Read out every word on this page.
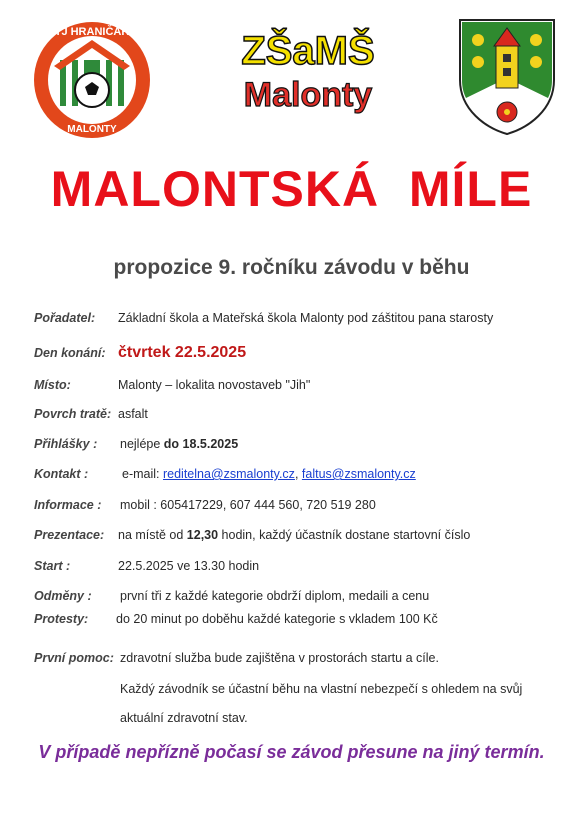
TJ HRANIČAR
MALONTY
ZŠaMŠ
Malonty
MALONTSKÁ  MÍLE
propozice 9. ročníku závodu v běhu
Pořadatel: Základní škola a Mateřská škola Malonty pod záštitou pana starosty
Den konání: čtvrtek 22.5.2025
Místo:	Malonty – lokalita novostaveb "Jih"
Povrch tratě: asfalt
Přihlášky : nejlépe do 18.5.2025
Kontakt :	e-mail: reditelna@zsmalonty.cz, faltus@zsmalonty.cz
Informace : mobil : 605417229, 607 444 560, 720 519 280
Prezentace: na místě od 12,30 hodin, každý účastník dostane startovní číslo
Start :	22.5.2025 ve 13.30 hodin
Odměny : první tři z každé kategorie obdrží diplom, medaili a cenu
Protesty: do 20 minut po doběhu každé kategorie s vkladem 100 Kč
První pomoc: zdravotní služba bude zajištěna v prostorách startu a cíle.
Každý závodník se účastní běhu na vlastní nebezpečí s ohledem na svůj
aktuální zdravotní stav.
V případě nepřízně počasí se závod přesune na jiný termín.
